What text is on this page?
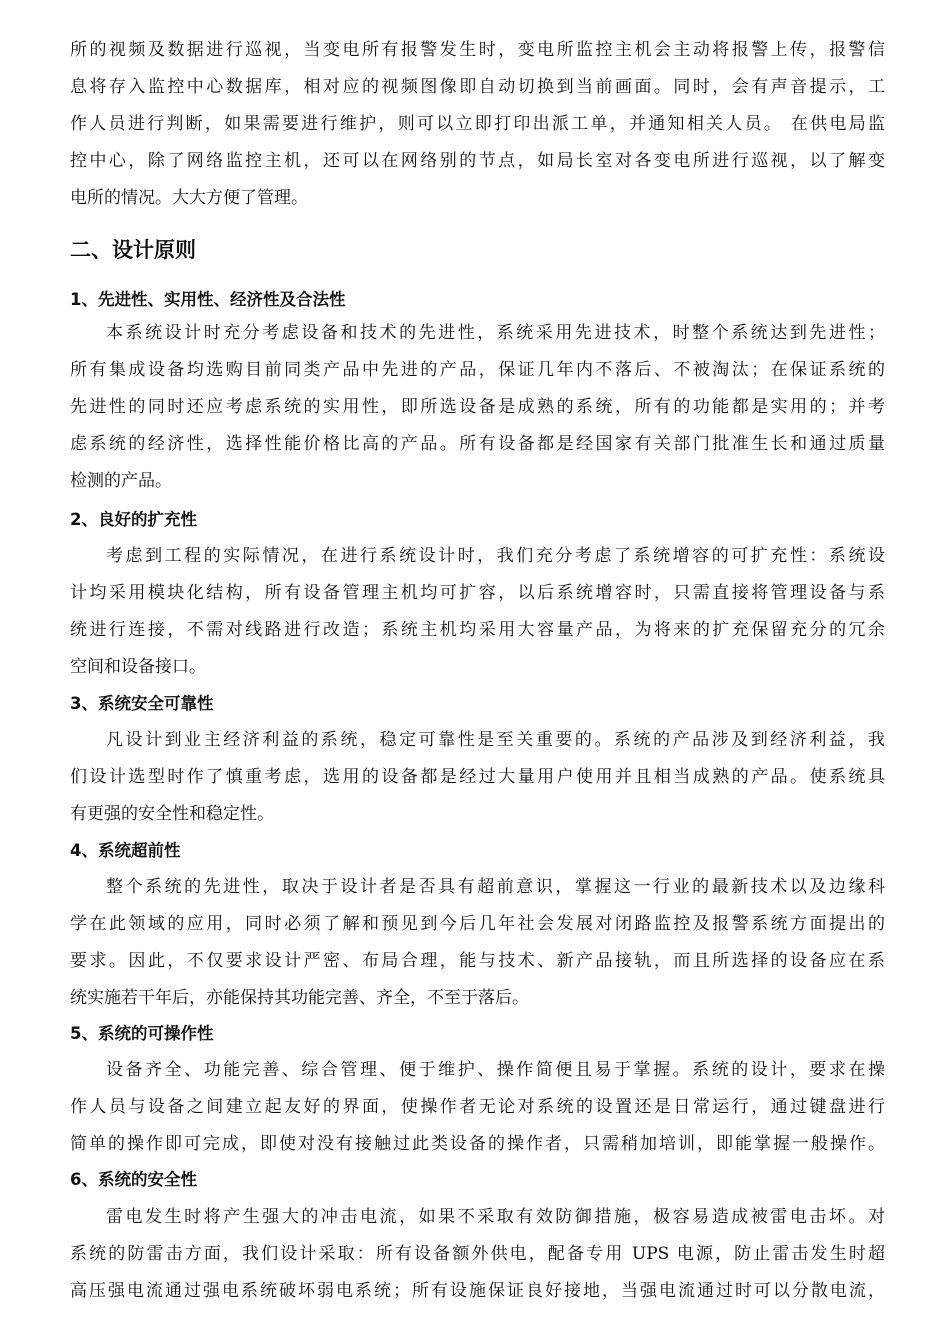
所的视频及数据进行巡视，当变电所有报警发生时，变电所监控主机会主动将报警上传，报警信
息将存入监控中心数据库，相对应的视频图像即自动切换到当前画面。同时，会有声音提示，工
作人员进行判断，如果需要进行维护，则可以立即打印出派工单，并通知相关人员。 在供电局监
控中心，除了网络监控主机，还可以在网络别的节点，如局长室对各变电所进行巡视，以了解变
电所的情况。大大方便了管理。
二、设计原则
1、先进性、实用性、经济性及合法性
本系统设计时充分考虑设备和技术的先进性，系统采用先进技术，时整个系统达到先进性；
所有集成设备均选购目前同类产品中先进的产品，保证几年内不落后、不被淘汰；在保证系统的
先进性的同时还应考虑系统的实用性，即所选设备是成熟的系统，所有的功能都是实用的；并考
虑系统的经济性，选择性能价格比高的产品。所有设备都是经国家有关部门批准生长和通过质量
检测的产品。
2、良好的扩充性
考虑到工程的实际情况，在进行系统设计时，我们充分考虑了系统增容的可扩充性：系统设
计均采用模块化结构，所有设备管理主机均可扩容，以后系统增容时，只需直接将管理设备与系
统进行连接，不需对线路进行改造；系统主机均采用大容量产品，为将来的扩充保留充分的冗余
空间和设备接口。
3、系统安全可靠性
凡设计到业主经济利益的系统，稳定可靠性是至关重要的。系统的产品涉及到经济利益，我
们设计选型时作了慎重考虑，选用的设备都是经过大量用户使用并且相当成熟的产品。使系统具
有更强的安全性和稳定性。
4、系统超前性
整个系统的先进性，取决于设计者是否具有超前意识，掌握这一行业的最新技术以及边缘科
学在此领域的应用，同时必须了解和预见到今后几年社会发展对闭路监控及报警系统方面提出的
要求。因此，不仅要求设计严密、布局合理，能与技术、新产品接轨，而且所选择的设备应在系
统实施若干年后，亦能保持其功能完善、齐全，不至于落后。
5、系统的可操作性
设备齐全、功能完善、综合管理、便于维护、操作简便且易于掌握。系统的设计，要求在操
作人员与设备之间建立起友好的界面，使操作者无论对系统的设置还是日常运行，通过键盘进行
简单的操作即可完成，即使对没有接触过此类设备的操作者，只需稍加培训，即能掌握一般操作。
6、系统的安全性
雷电发生时将产生强大的冲击电流，如果不采取有效防御措施，极容易造成被雷电击坏。对
系统的防雷击方面，我们设计采取：所有设备额外供电，配备专用 UPS 电源，防止雷击发生时超
高压强电流通过强电系统破坏弱电系统；所有设施保证良好接地，当强电流通过时可以分散电流，
